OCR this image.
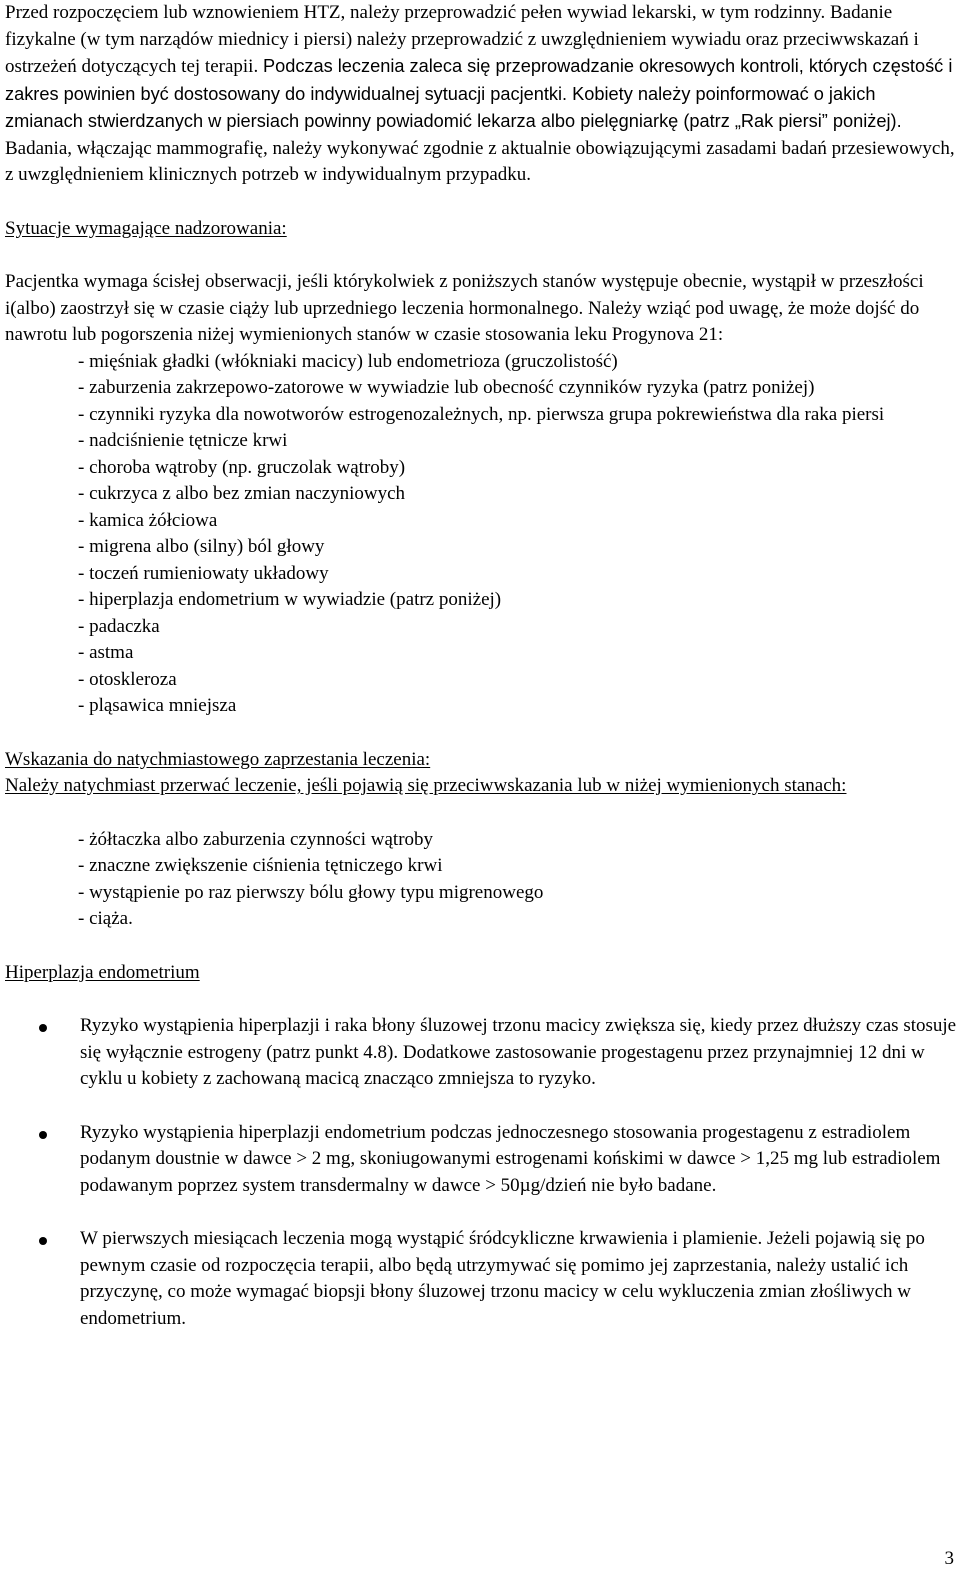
Przed rozpoczęciem lub wznowieniem HTZ, należy przeprowadzić pełen wywiad lekarski, w tym rodzinny. Badanie fizykalne (w tym narządów miednicy i piersi) należy przeprowadzić z uwzględnieniem wywiadu oraz przeciwwskazań i ostrzeżeń dotyczących tej terapii. Podczas leczenia zaleca się przeprowadzanie okresowych kontroli, których częstość i zakres powinien być dostosowany do indywidualnej sytuacji pacjentki. Kobiety należy poinformować o jakich zmianach stwierdzanych w piersiach powinny powiadomić lekarza albo pielęgniarkę (patrz „Rak piersi” poniżej). Badania, włączając mammografię, należy wykonywać zgodnie z aktualnie obowiązującymi zasadami badań przesiewowych, z uwzględnieniem klinicznych potrzeb w indywidualnym przypadku.

Sytuacje wymagające nadzorowania:

Pacjentka wymaga ścisłej obserwacji, jeśli którykolwiek z poniższych stanów występuje obecnie, wystąpił w przeszłości i(albo) zaostrzył się w czasie ciąży lub uprzedniego leczenia hormonalnego. Należy wziąć pod uwagę, że może dojść do nawrotu lub pogorszenia niżej wymienionych stanów w czasie stosowania leku Progynova 21:

- mięśniak gładki (włókniaki macicy) lub endometrioza (gruczolistość)
- zaburzenia zakrzepowo-zatorowe w wywiadzie lub obecność czynników ryzyka (patrz poniżej)
- czynniki ryzyka dla nowotworów estrogenozależnych, np. pierwsza grupa pokrewieństwa dla raka piersi
- nadciśnienie tętnicze krwi
- choroba wątroby (np. gruczolak wątroby)
- cukrzyca z albo bez zmian naczyniowych
- kamica żółciowa
- migrena albo (silny) ból głowy
- toczeń rumieniowaty układowy
- hiperplazja endometrium w wywiadzie (patrz poniżej)
- padaczka
- astma
- otoskleroza
- pląsawica mniejsza

Wskazania do natychmiastowego zaprzestania leczenia:

Należy natychmiast przerwać leczenie, jeśli pojawią się przeciwwskazania lub w niżej wymienionych stanach:

- żółtaczka albo zaburzenia czynności wątroby
- znaczne zwiększenie ciśnienia tętniczego krwi
- wystąpienie po raz pierwszy bólu głowy typu migrenowego
- ciąża.

Hiperplazja endometrium

Ryzyko wystąpienia hiperplazji i raka błony śluzowej trzonu macicy zwiększa się, kiedy przez dłuższy czas stosuje się wyłącznie estrogeny (patrz punkt 4.8). Dodatkowe zastosowanie progestagenu przez przynajmniej 12 dni w cyklu u kobiety z zachowaną macicą znacząco zmniejsza to ryzyko.
Ryzyko wystąpienia hiperplazji endometrium podczas jednoczesnego stosowania progestagenu z estradiolem podanym doustnie w dawce > 2 mg, skoniugowanymi estrogenami końskimi w dawce > 1,25 mg lub estradiolem podawanym poprzez system transdermalny w dawce > 50µg/dzień nie było badane.
W pierwszych miesiącach leczenia mogą wystąpić śródcykliczne krwawienia i plamienie. Jeżeli pojawią się po pewnym czasie od rozpoczęcia terapii, albo będą utrzymywać się pomimo jej zaprzestania, należy ustalić ich przyczynę, co może wymagać biopsji błony śluzowej trzonu macicy w celu wykluczenia zmian złośliwych w endometrium.
3
